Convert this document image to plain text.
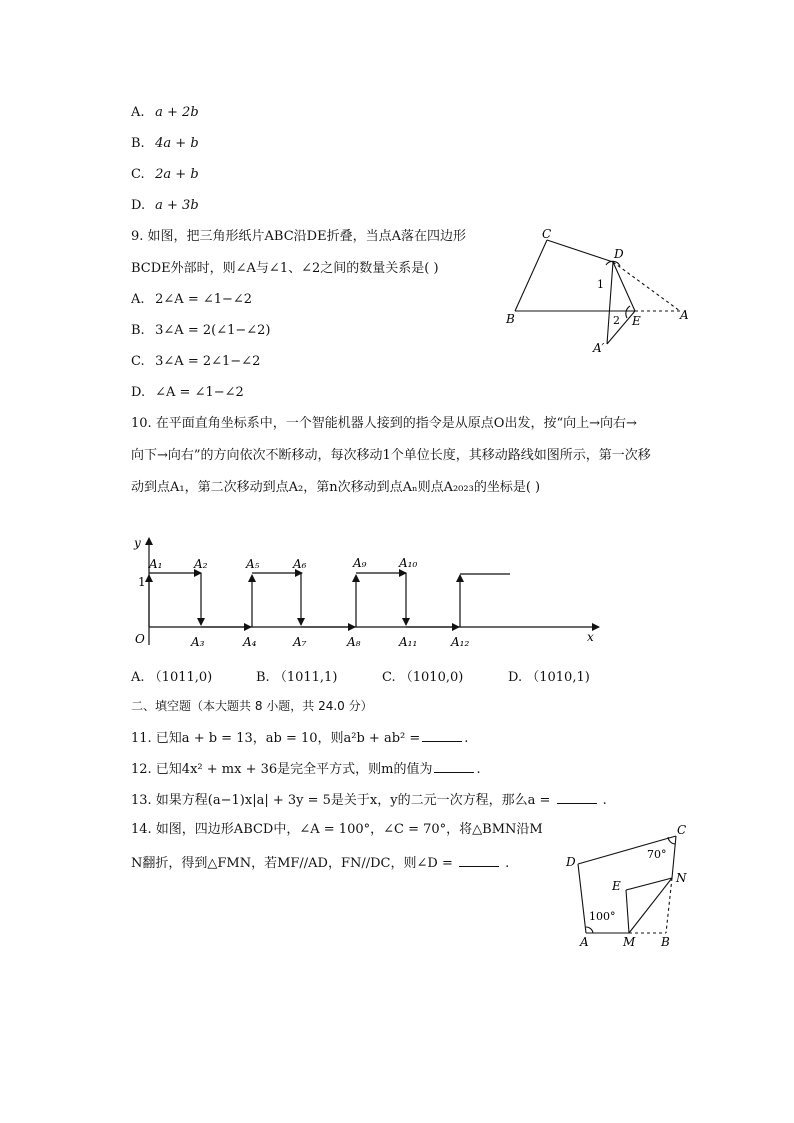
A. a + 2b
B. 4a + b
C. 2a + b
D. a + 3b
9. 如图，把三角形纸片ABC沿DE折叠，当点A落在四边形
BCDE外部时，则∠A与∠1、∠2之间的数量关系是( )
A. 2∠A = ∠1−∠2
B. 3∠A = 2(∠1−∠2)
C. 3∠A = 2∠1−∠2
D. ∠A = ∠1−∠2
C
D
B	E	A
A′
1
2
10. 在平面直角坐标系中，一个智能机器人接到的指令是从原点O出发，按“向上→向右→
向下→向右”的方向依次不断移动，每次移动1个单位长度，其移动路线如图所示，第一次移
动到点A₁，第二次移动到点A₂，第n次移动到点Aₙ则点A₂₀₂₃的坐标是( )
y
x
O
1
A₁	A₂	A₅	A₆	A₉	A₁₀
A₃	A₄	A₇	A₈	A₁₁	A₁₂
A. （1011,0)	B. （1011,1)	C. （1010,0)	D. （1010,1)
二、填空题（本大题共 8 小题，共 24.0 分）
11. 已知a + b = 13，ab = 10，则a²b + ab² =	.
12. 已知4x² + mx + 36是完全平方式，则m的值为	.
13. 如果方程(a−1)x|a| + 3y = 5是关于x，y的二元一次方程，那么a =	.
14. 如图，四边形ABCD中，∠A = 100°，∠C = 70°，将△BMN沿M
N翻折，得到△FMN，若MF//AD，FN//DC，则∠D =	.
C
D
N
E
A	M B
100°
70°
